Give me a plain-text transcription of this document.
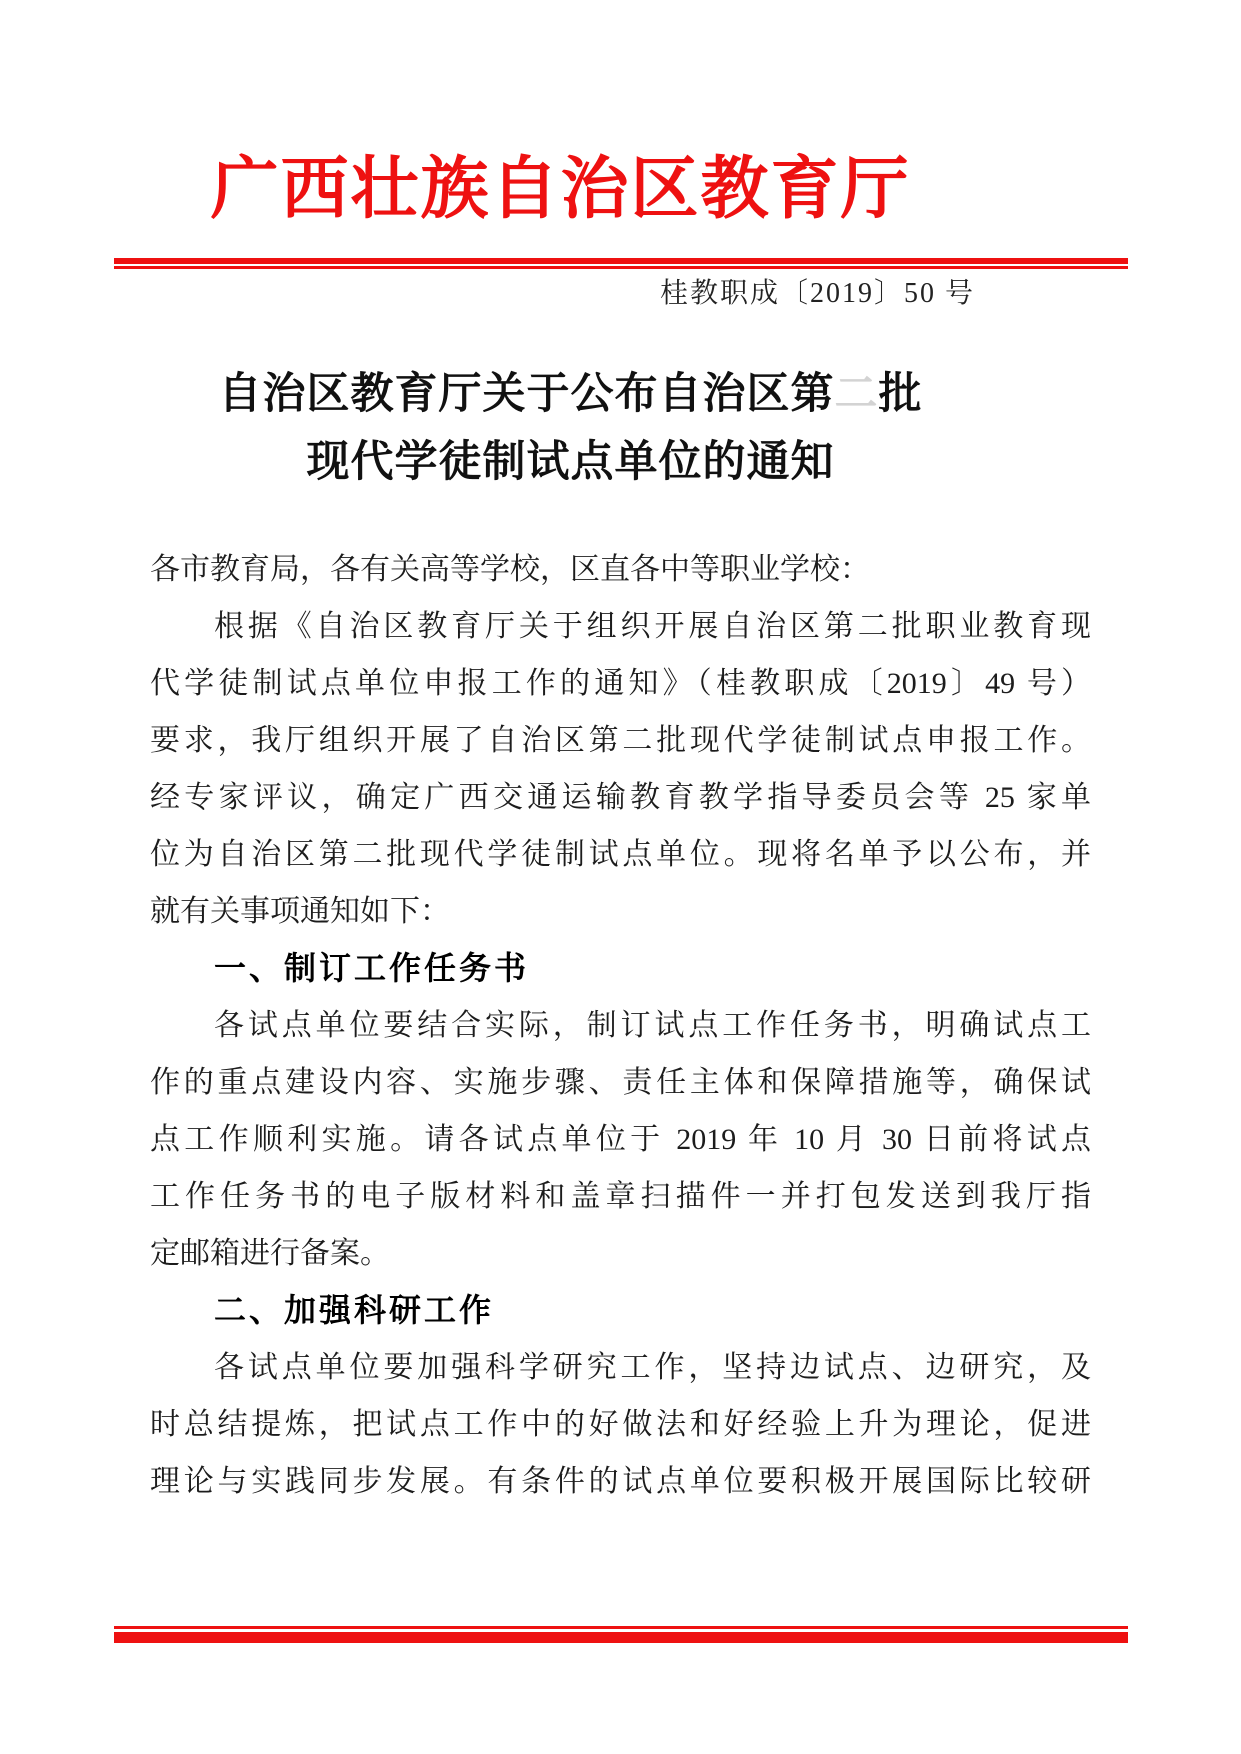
广西壮族自治区教育厅
桂教职成〔2019〕50 号
自治区教育厅关于公布自治区第二批
现代学徒制试点单位的通知
各市教育局，各有关高等学校，区直各中等职业学校：
根据《自治区教育厅关于组织开展自治区第二批职业教育现
代学徒制试点单位申报工作的通知》（桂教职成〔2019〕49 号）
要求，我厅组织开展了自治区第二批现代学徒制试点申报工作。
经专家评议，确定广西交通运输教育教学指导委员会等 25 家单
位为自治区第二批现代学徒制试点单位。现将名单予以公布，并
就有关事项通知如下：
一、制订工作任务书
各试点单位要结合实际，制订试点工作任务书，明确试点工
作的重点建设内容、实施步骤、责任主体和保障措施等，确保试
点工作顺利实施。请各试点单位于 2019 年 10 月 30 日前将试点
工作任务书的电子版材料和盖章扫描件一并打包发送到我厅指
定邮箱进行备案。
二、加强科研工作
各试点单位要加强科学研究工作，坚持边试点、边研究，及
时总结提炼，把试点工作中的好做法和好经验上升为理论，促进
理论与实践同步发展。有条件的试点单位要积极开展国际比较研
